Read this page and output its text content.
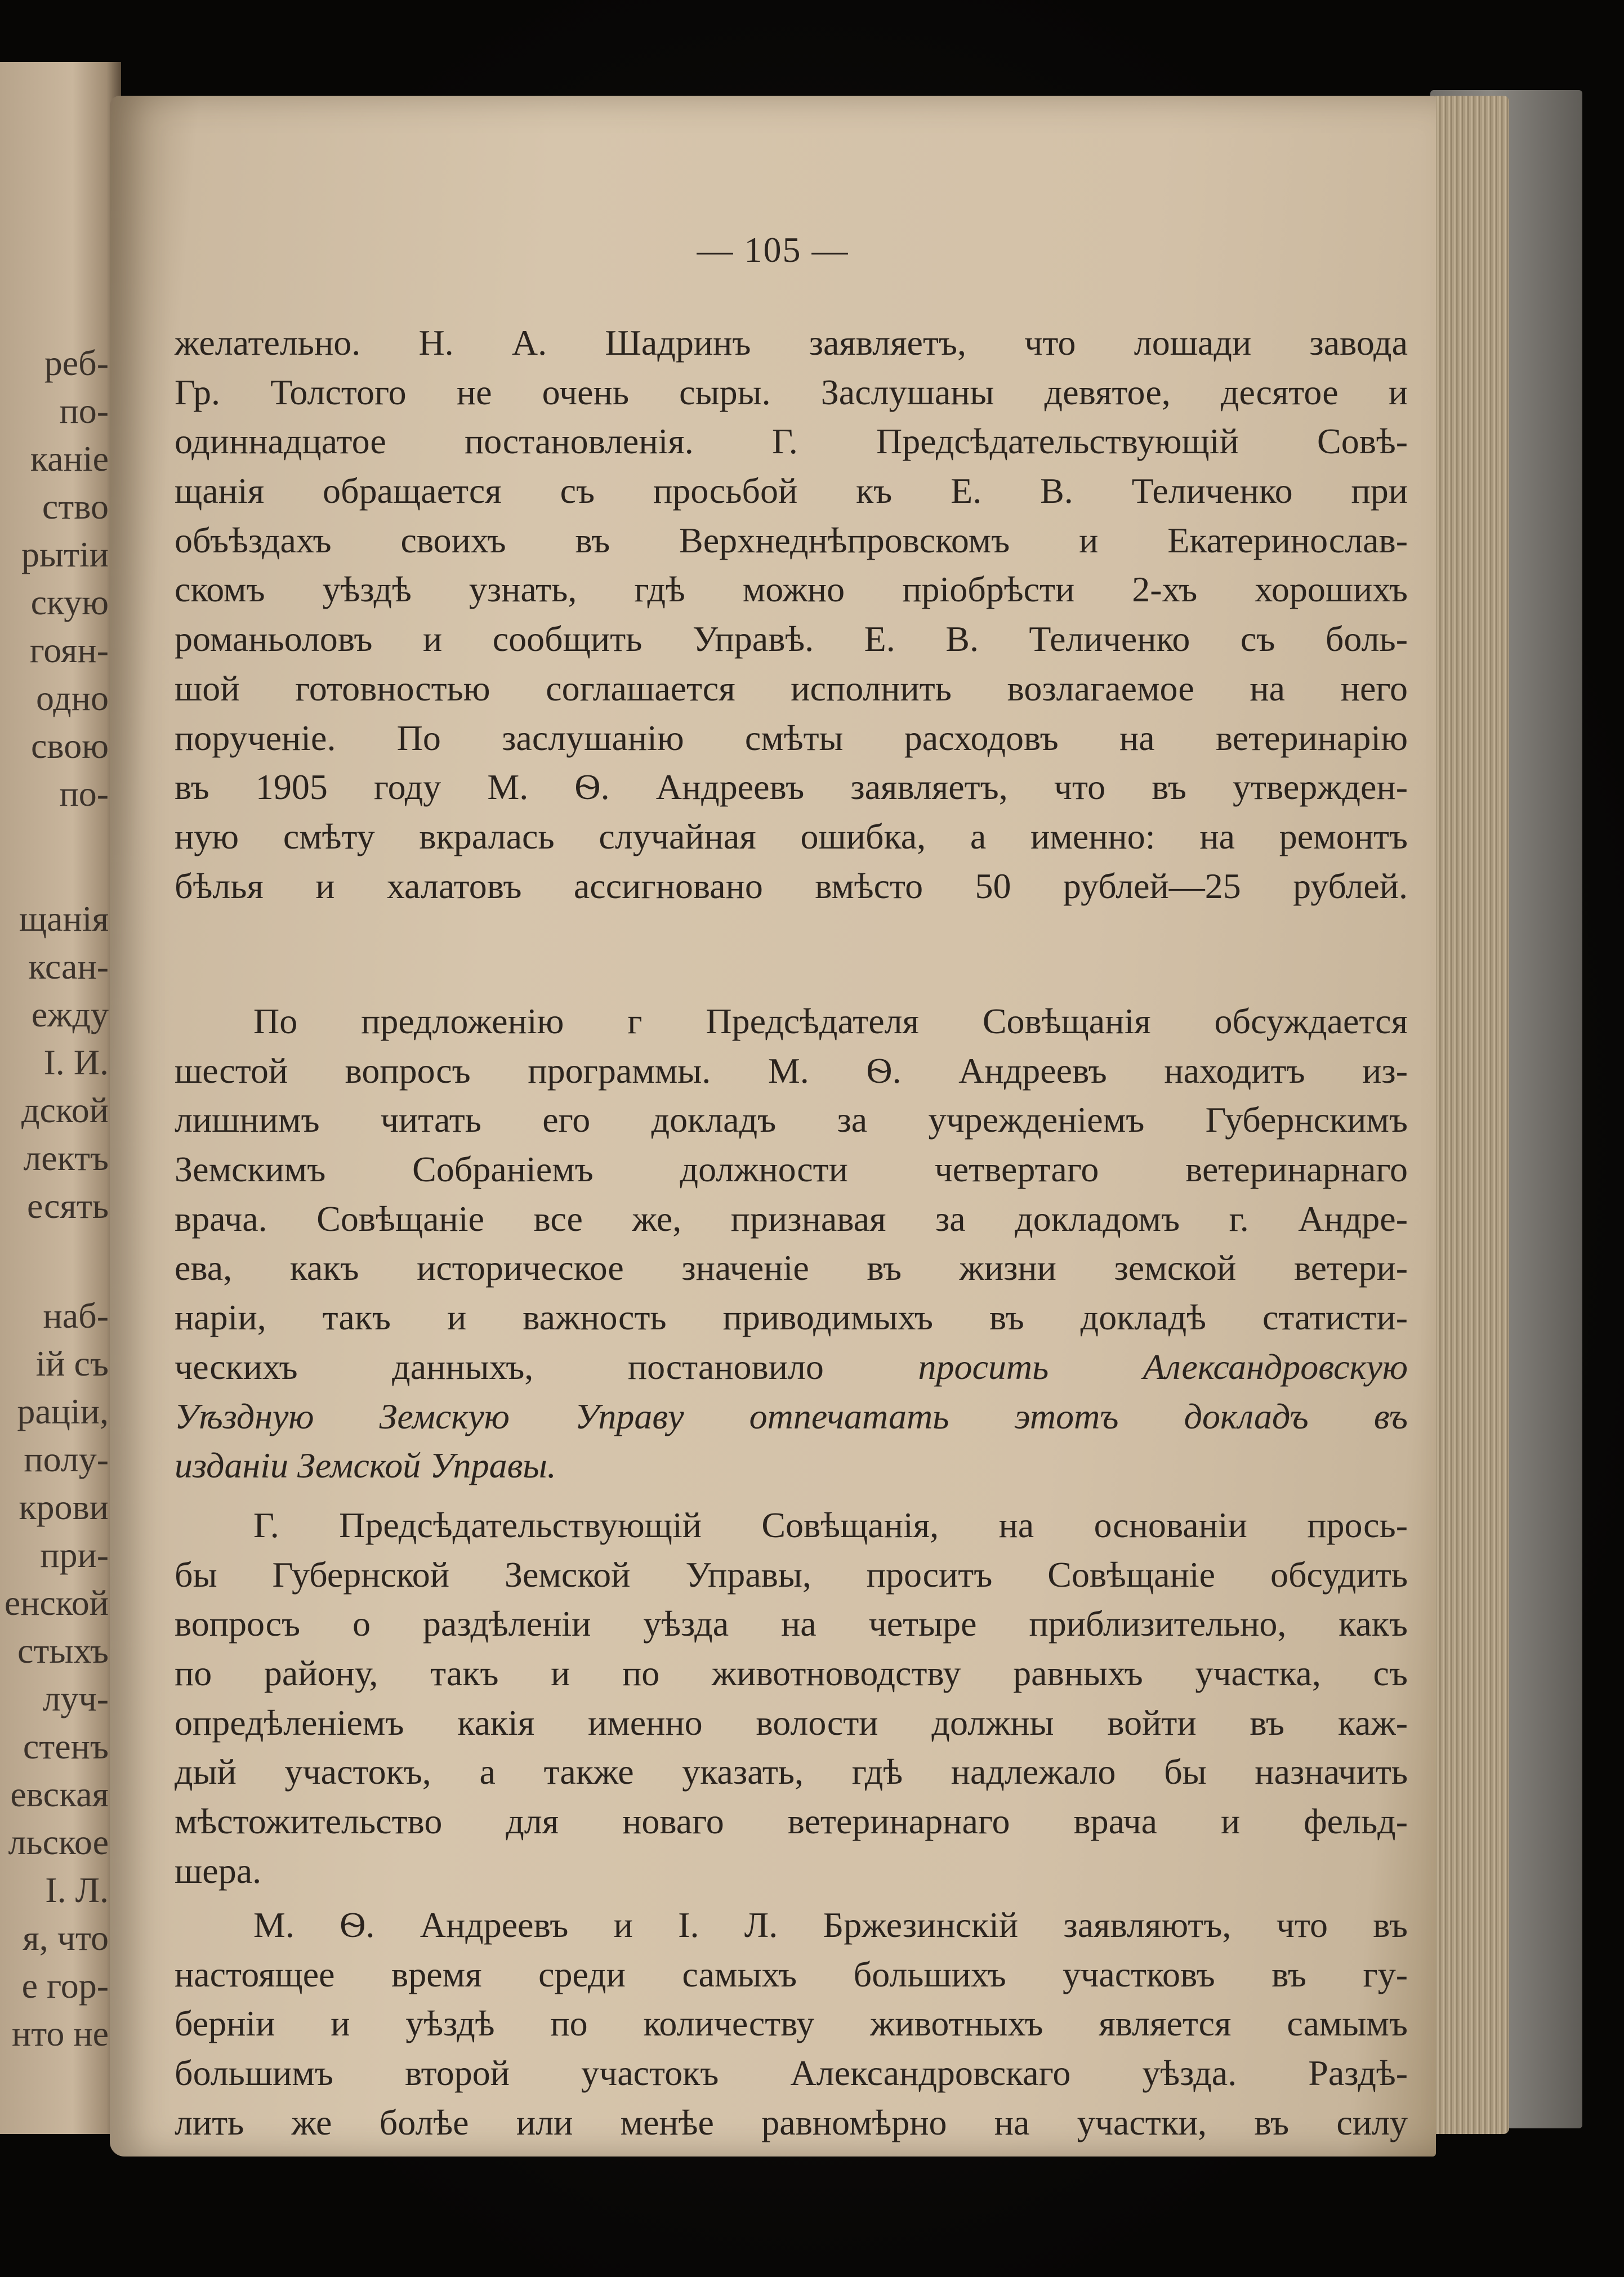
реб-
по-
каніе
ство
рытіи
скую
гоян-
одно
свою
по-
щанія
ксан-
ежду
І. И.
дской
лектъ
есять
наб-
ій съ
раціи,
полу-
крови
при-
енской
стыхъ
луч-
стенъ
евская
льское
І. Л.
я, что
е гор-
нто не
— 105 —
желательно. Н. А. Шадринъ заявляетъ, что лошади завода
Гр. Толстого не очень сыры. Заслушаны девятое, десятое и
одиннадцатое постановленія. Г. Предсѣдательствующій Совѣ-
щанія обращается съ просьбой къ Е. В. Теличенко при
объѣздахъ своихъ въ Верхнеднѣпровскомъ и Екатеринослав-
скомъ уѣздѣ узнать, гдѣ можно пріобрѣсти 2-хъ хорошихъ
романьоловъ и сообщить Управѣ. Е. В. Теличенко съ боль-
шой готовностью соглашается исполнить возлагаемое на него
порученіе. По заслушанію смѣты расходовъ на ветеринарію
въ 1905 году М. Ѳ. Андреевъ заявляетъ, что въ утвержден-
ную смѣту вкралась случайная ошибка, а именно: на ремонтъ
бѣлья и халатовъ ассигновано вмѣсто 50 рублей—25 рублей.
По предложенію г Предсѣдателя Совѣщанія обсуждается
шестой вопросъ программы. М. Ѳ. Андреевъ находитъ из-
лишнимъ читать его докладъ за учрежденіемъ Губернскимъ
Земскимъ Собраніемъ должности четвертаго ветеринарнаго
врача. Совѣщаніе все же, признавая за докладомъ г. Андре-
ева, какъ историческое значеніе въ жизни земской ветери-
нарiи, такъ и важность приводимыхъ въ докладѣ статисти-
ческихъ данныхъ, постановило	просить Александровскую
Уѣздную Земскую Управу отпечатать этотъ докладъ въ
изданіи Земской Управы.
Г. Предсѣдательствующій Совѣщанія, на основаніи прось-
бы Губернской Земской Управы, проситъ Совѣщаніе обсудить
вопросъ о раздѣленіи уѣзда на четыре приблизительно, какъ
по району, такъ и по животноводству равныхъ участка, съ
опредѣленіемъ какія именно волости должны войти въ каж-
дый участокъ, а также указать, гдѣ надлежало бы назначить
мѣстожительство для новаго ветеринарнаго врача и фельд-
шера.
М. Ѳ. Андреевъ и І. Л. Бржезинскій заявляютъ, что въ
настоящее время среди самыхъ большихъ участковъ въ гу-
берніи и уѣздѣ по количеству животныхъ является самымъ
большимъ второй участокъ Александровскаго уѣзда. Раздѣ-
лить же болѣе или менѣе равномѣрно на участки, въ силу
